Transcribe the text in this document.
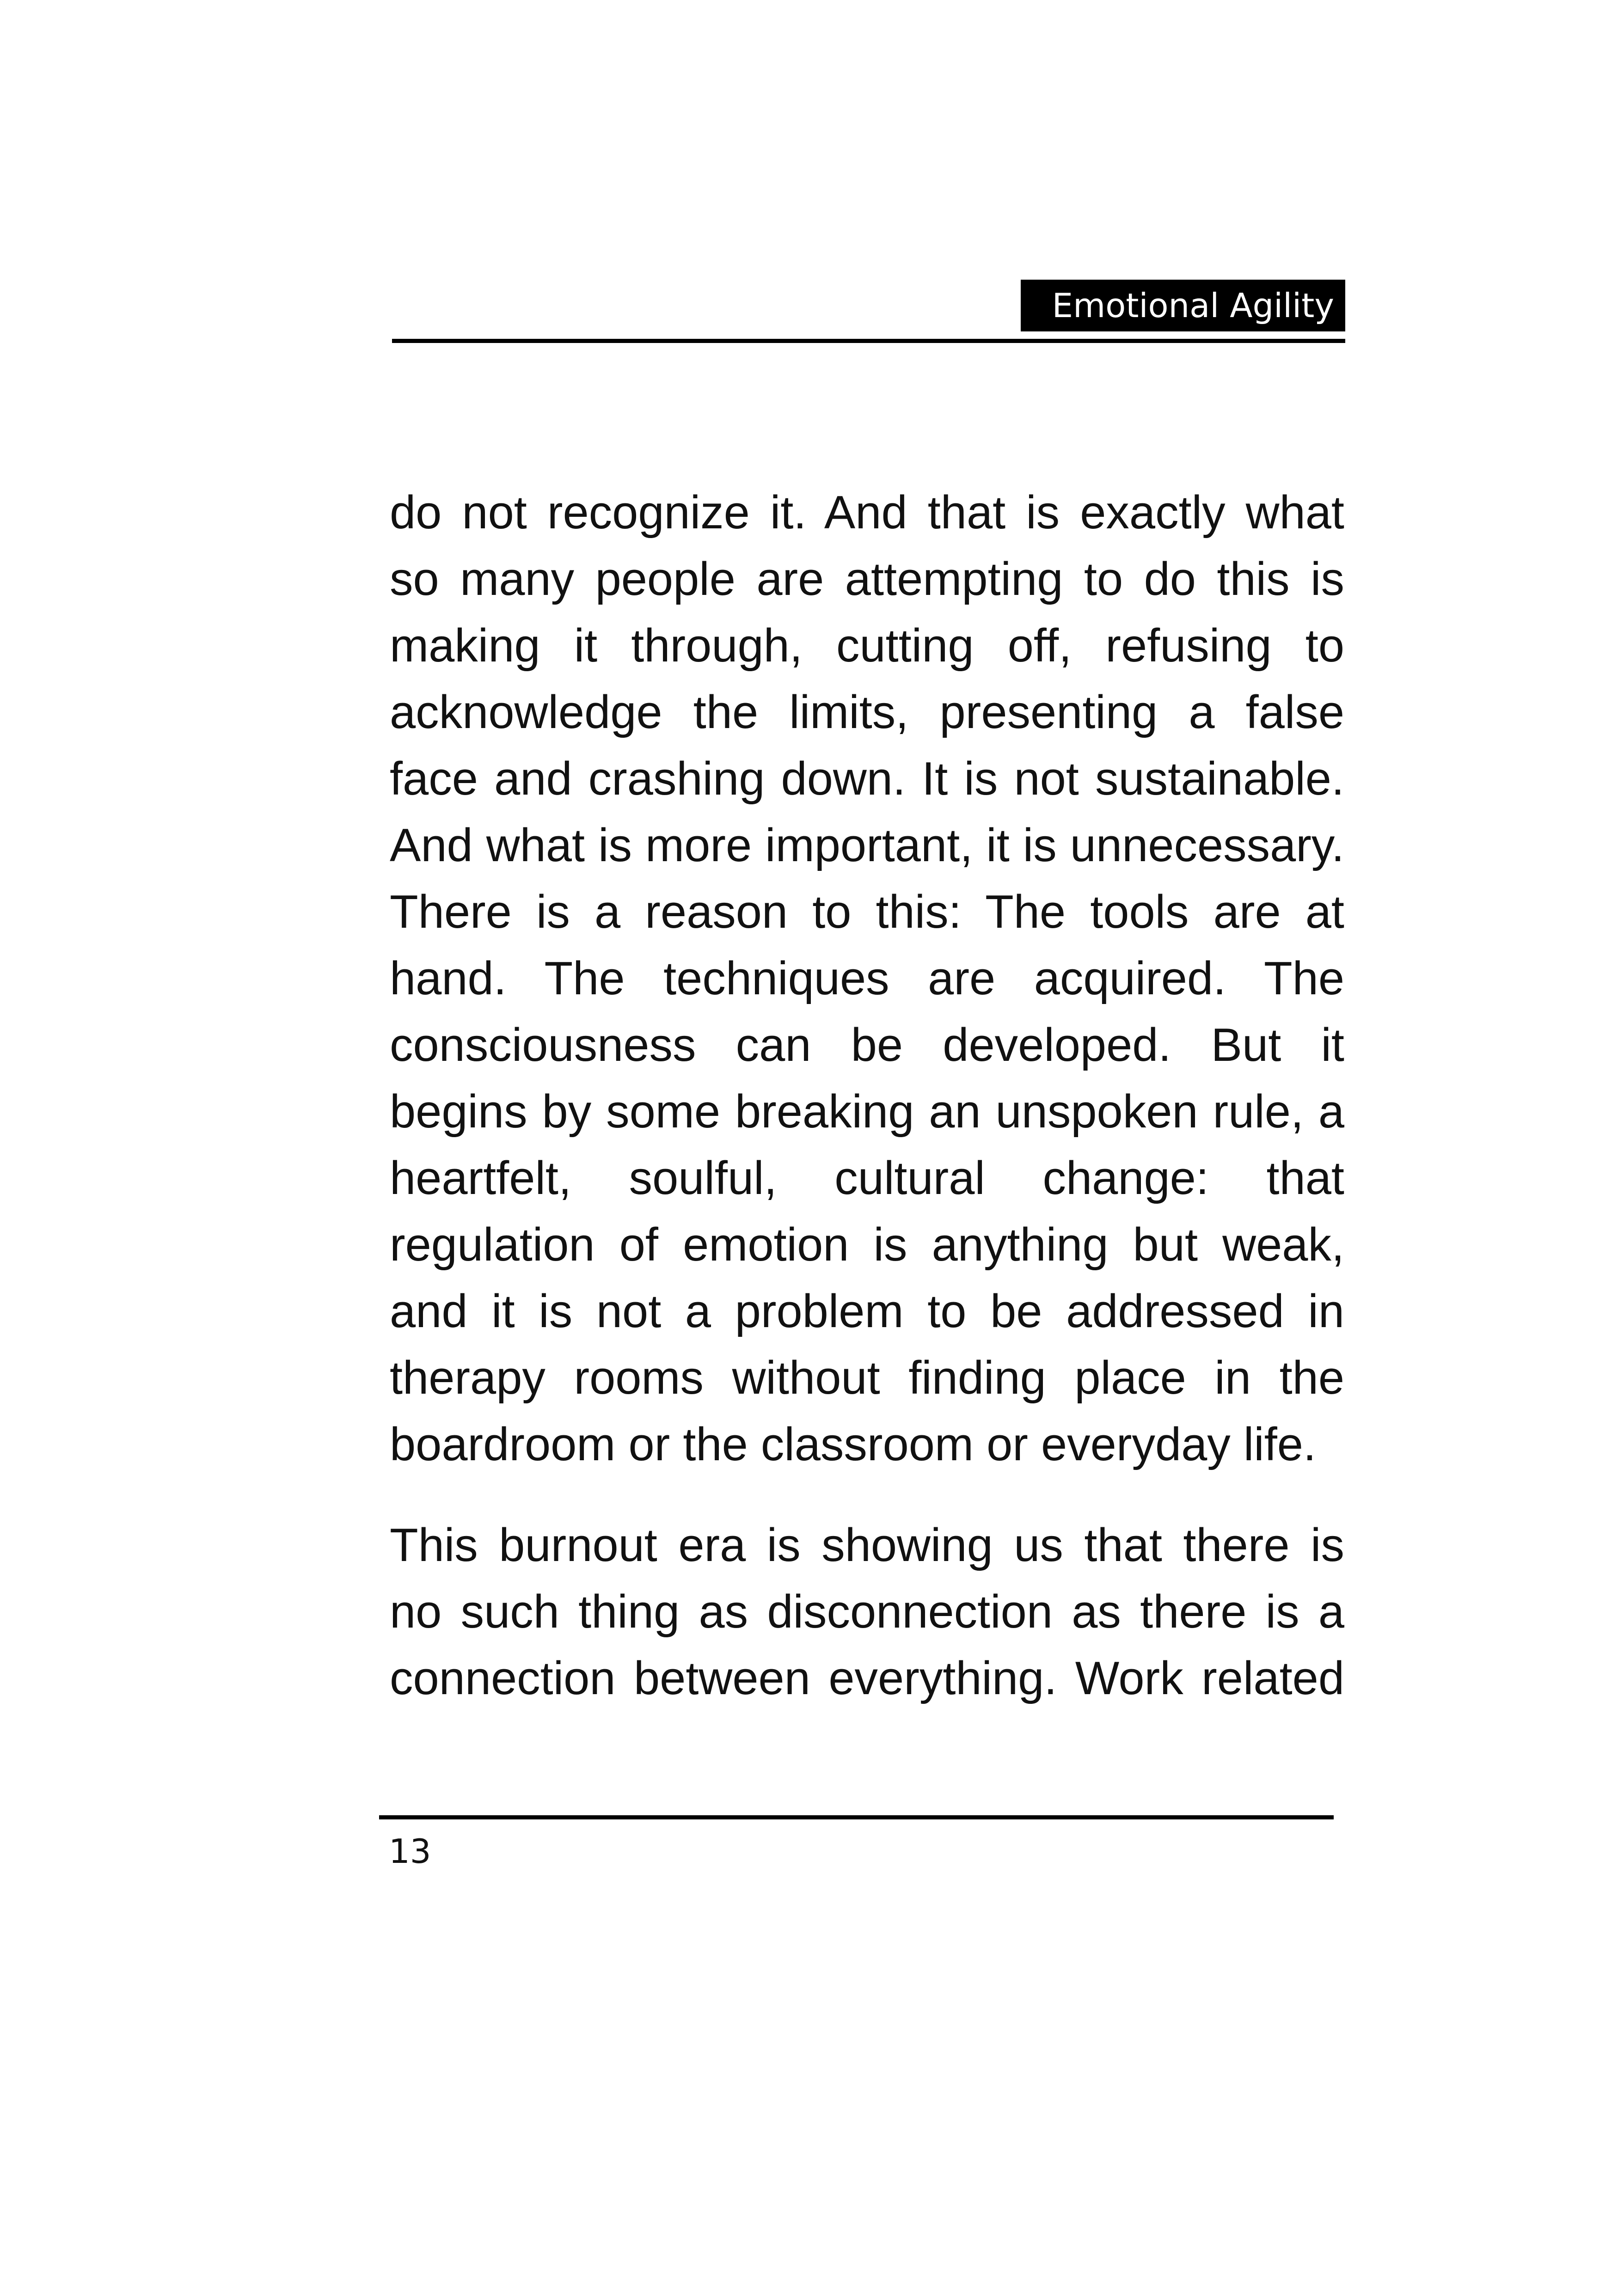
Emotional Agility

do not recognize it. And that is exactly what so many people are attempting to do this is making it through, cutting off, refusing to acknowledge the limits, presenting a false face and crashing down. It is not sustainable. And what is more important, it is unnecessary. There is a reason to this: The tools are at hand. The techniques are acquired. The consciousness can be developed. But it begins by some breaking an unspoken rule, a heartfelt, soulful, cultural change: that regulation of emotion is anything but weak, and it is not a problem to be addressed in therapy rooms without finding place in the boardroom or the classroom or everyday life.

This burnout era is showing us that there is no such thing as disconnection as there is a connection between everything. Work related

13
